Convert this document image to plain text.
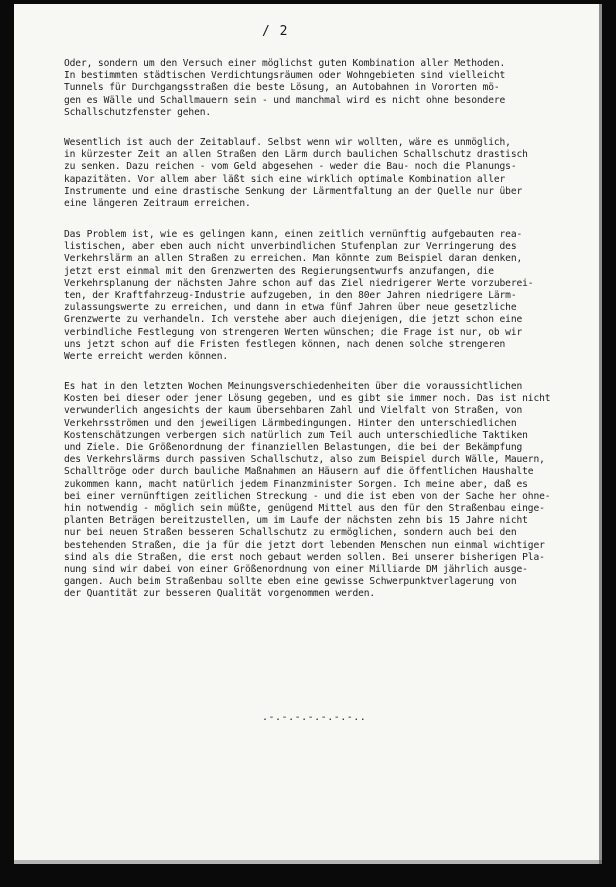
/ 2

Oder, sondern um den Versuch einer möglichst guten Kombination aller Methoden.
In bestimmten städtischen Verdichtungsräumen oder Wohngebieten sind vielleicht
Tunnels für Durchgangsstraßen die beste Lösung, an Autobahnen in Vororten mö-
gen es Wälle und Schallmauern sein - und manchmal wird es nicht ohne besondere
Schallschutzfenster gehen.

Wesentlich ist auch der Zeitablauf. Selbst wenn wir wollten, wäre es unmöglich,
in kürzester Zeit an allen Straßen den Lärm durch baulichen Schallschutz drastisch
zu senken. Dazu reichen - vom Geld abgesehen - weder die Bau- noch die Planungs-
kapazitäten. Vor allem aber läßt sich eine wirklich optimale Kombination aller
Instrumente und eine drastische Senkung der Lärmentfaltung an der Quelle nur über
eine längeren Zeitraum erreichen.

Das Problem ist, wie es gelingen kann, einen zeitlich vernünftig aufgebauten rea-
listischen, aber eben auch nicht unverbindlichen Stufenplan zur Verringerung des
Verkehrslärm an allen Straßen zu erreichen. Man könnte zum Beispiel daran denken,
jetzt erst einmal mit den Grenzwerten des Regierungsentwurfs anzufangen, die
Verkehrsplanung der nächsten Jahre schon auf das Ziel niedrigerer Werte vorzuberei-
ten, der Kraftfahrzeug-Industrie aufzugeben, in den 80er Jahren niedrigere Lärm-
zulassungswerte zu erreichen, und dann in etwa fünf Jahren über neue gesetzliche
Grenzwerte zu verhandeln. Ich verstehe aber auch diejenigen, die jetzt schon eine
verbindliche Festlegung von strengeren Werten wünschen; die Frage ist nur, ob wir
uns jetzt schon auf die Fristen festlegen können, nach denen solche strengeren
Werte erreicht werden können.

Es hat in den letzten Wochen Meinungsverschiedenheiten über die voraussichtlichen
Kosten bei dieser oder jener Lösung gegeben, und es gibt sie immer noch. Das ist nicht
verwunderlich angesichts der kaum übersehbaren Zahl und Vielfalt von Straßen, von
Verkehrsströmen und den jeweiligen Lärmbedingungen. Hinter den unterschiedlichen
Kostenschätzungen verbergen sich natürlich zum Teil auch unterschiedliche Taktiken
und Ziele. Die Größenordnung der finanziellen Belastungen, die bei der Bekämpfung
des Verkehrslärms durch passiven Schallschutz, also zum Beispiel durch Wälle, Mauern,
Schalltröge oder durch bauliche Maßnahmen an Häusern auf die öffentlichen Haushalte
zukommen kann, macht natürlich jedem Finanzminister Sorgen. Ich meine aber, daß es
bei einer vernünftigen zeitlichen Streckung - und die ist eben von der Sache her ohne-
hin notwendig - möglich sein müßte, genügend Mittel aus den für den Straßenbau einge-
planten Beträgen bereitzustellen, um im Laufe der nächsten zehn bis 15 Jahre nicht
nur bei neuen Straßen besseren Schallschutz zu ermöglichen, sondern auch bei den
bestehenden Straßen, die ja für die jetzt dort lebenden Menschen nun einmal wichtiger
sind als die Straßen, die erst noch gebaut werden sollen. Bei unserer bisherigen Pla-
nung sind wir dabei von einer Größenordnung von einer Milliarde DM jährlich ausge-
gangen. Auch beim Straßenbau sollte eben eine gewisse Schwerpunktverlagerung von
der Quantität zur besseren Qualität vorgenommen werden.

.-.-.-.-.-.-.-..
